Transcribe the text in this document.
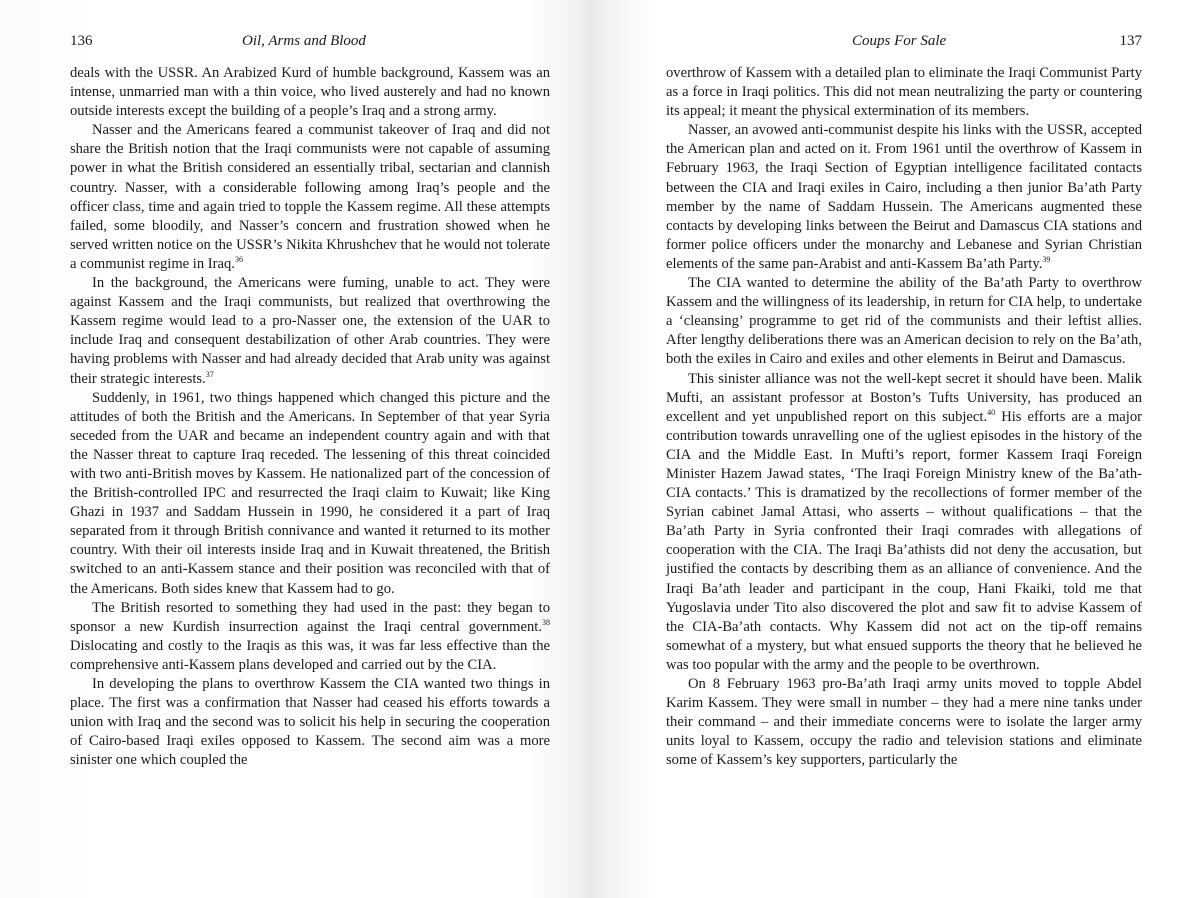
136	Oil, Arms and Blood

deals with the USSR. An Arabized Kurd of humble background, Kassem was an intense, unmarried man with a thin voice, who lived austerely and had no known outside interests except the building of a people’s Iraq and a strong army.

Nasser and the Americans feared a communist takeover of Iraq and did not share the British notion that the Iraqi communists were not capable of assuming power in what the British considered an essentially tribal, sectarian and clannish country. Nasser, with a considerable following among Iraq’s people and the officer class, time and again tried to topple the Kassem regime. All these attempts failed, some bloodily, and Nasser’s concern and frustration showed when he served written notice on the USSR’s Nikita Khrushchev that he would not tolerate a communist regime in Iraq.$^{36}$

In the background, the Americans were fuming, unable to act. They were against Kassem and the Iraqi communists, but realized that overthrowing the Kassem regime would lead to a pro-Nasser one, the extension of the UAR to include Iraq and consequent destabilization of other Arab countries. They were having problems with Nasser and had already decided that Arab unity was against their strategic interests.$^{37}$

Suddenly, in 1961, two things happened which changed this picture and the attitudes of both the British and the Americans. In September of that year Syria seceded from the UAR and became an independent country again and with that the Nasser threat to capture Iraq receded. The lessening of this threat coincided with two anti-British moves by Kassem. He nationalized part of the concession of the British-controlled IPC and resurrected the Iraqi claim to Kuwait; like King Ghazi in 1937 and Saddam Hussein in 1990, he considered it a part of Iraq separated from it through British connivance and wanted it returned to its mother country. With their oil interests inside Iraq and in Kuwait threatened, the British switched to an anti-Kassem stance and their position was reconciled with that of the Americans. Both sides knew that Kassem had to go.

The British resorted to something they had used in the past: they began to sponsor a new Kurdish insurrection against the Iraqi central government.$^{38}$ Dislocating and costly to the Iraqis as this was, it was far less effective than the comprehensive anti-Kassem plans developed and carried out by the CIA.

In developing the plans to overthrow Kassem the CIA wanted two things in place. The first was a confirmation that Nasser had ceased his efforts towards a union with Iraq and the second was to solicit his help in securing the cooperation of Cairo-based Iraqi exiles opposed to Kassem. The second aim was a more sinister one which coupled the

Coups For Sale	137

overthrow of Kassem with a detailed plan to eliminate the Iraqi Communist Party as a force in Iraqi politics. This did not mean neutralizing the party or countering its appeal; it meant the physical extermination of its members.

Nasser, an avowed anti-communist despite his links with the USSR, accepted the American plan and acted on it. From 1961 until the overthrow of Kassem in February 1963, the Iraqi Section of Egyptian intelligence facilitated contacts between the CIA and Iraqi exiles in Cairo, including a then junior Ba’ath Party member by the name of Saddam Hussein. The Americans augmented these contacts by developing links between the Beirut and Damascus CIA stations and former police officers under the monarchy and Lebanese and Syrian Christian elements of the same pan-Arabist and anti-Kassem Ba’ath Party.$^{39}$

The CIA wanted to determine the ability of the Ba’ath Party to overthrow Kassem and the willingness of its leadership, in return for CIA help, to undertake a ‘cleansing’ programme to get rid of the communists and their leftist allies. After lengthy deliberations there was an American decision to rely on the Ba’ath, both the exiles in Cairo and exiles and other elements in Beirut and Damascus.

This sinister alliance was not the well-kept secret it should have been. Malik Mufti, an assistant professor at Boston’s Tufts University, has produced an excellent and yet unpublished report on this subject.$^{40}$ His efforts are a major contribution towards unravelling one of the ugliest episodes in the history of the CIA and the Middle East. In Mufti’s report, former Kassem Iraqi Foreign Minister Hazem Jawad states, ‘The Iraqi Foreign Ministry knew of the Ba’ath-CIA contacts.’ This is dramatized by the recollections of former member of the Syrian cabinet Jamal Attasi, who asserts – without qualifications – that the Ba’ath Party in Syria confronted their Iraqi comrades with allegations of cooperation with the CIA. The Iraqi Ba’athists did not deny the accusation, but justified the contacts by describing them as an alliance of convenience. And the Iraqi Ba’ath leader and participant in the coup, Hani Fkaiki, told me that Yugoslavia under Tito also discovered the plot and saw fit to advise Kassem of the CIA-Ba’ath contacts. Why Kassem did not act on the tip-off remains somewhat of a mystery, but what ensued supports the theory that he believed he was too popular with the army and the people to be overthrown.

On 8 February 1963 pro-Ba’ath Iraqi army units moved to topple Abdel Karim Kassem. They were small in number – they had a mere nine tanks under their command – and their immediate concerns were to isolate the larger army units loyal to Kassem, occupy the radio and television stations and eliminate some of Kassem’s key supporters, particularly the
